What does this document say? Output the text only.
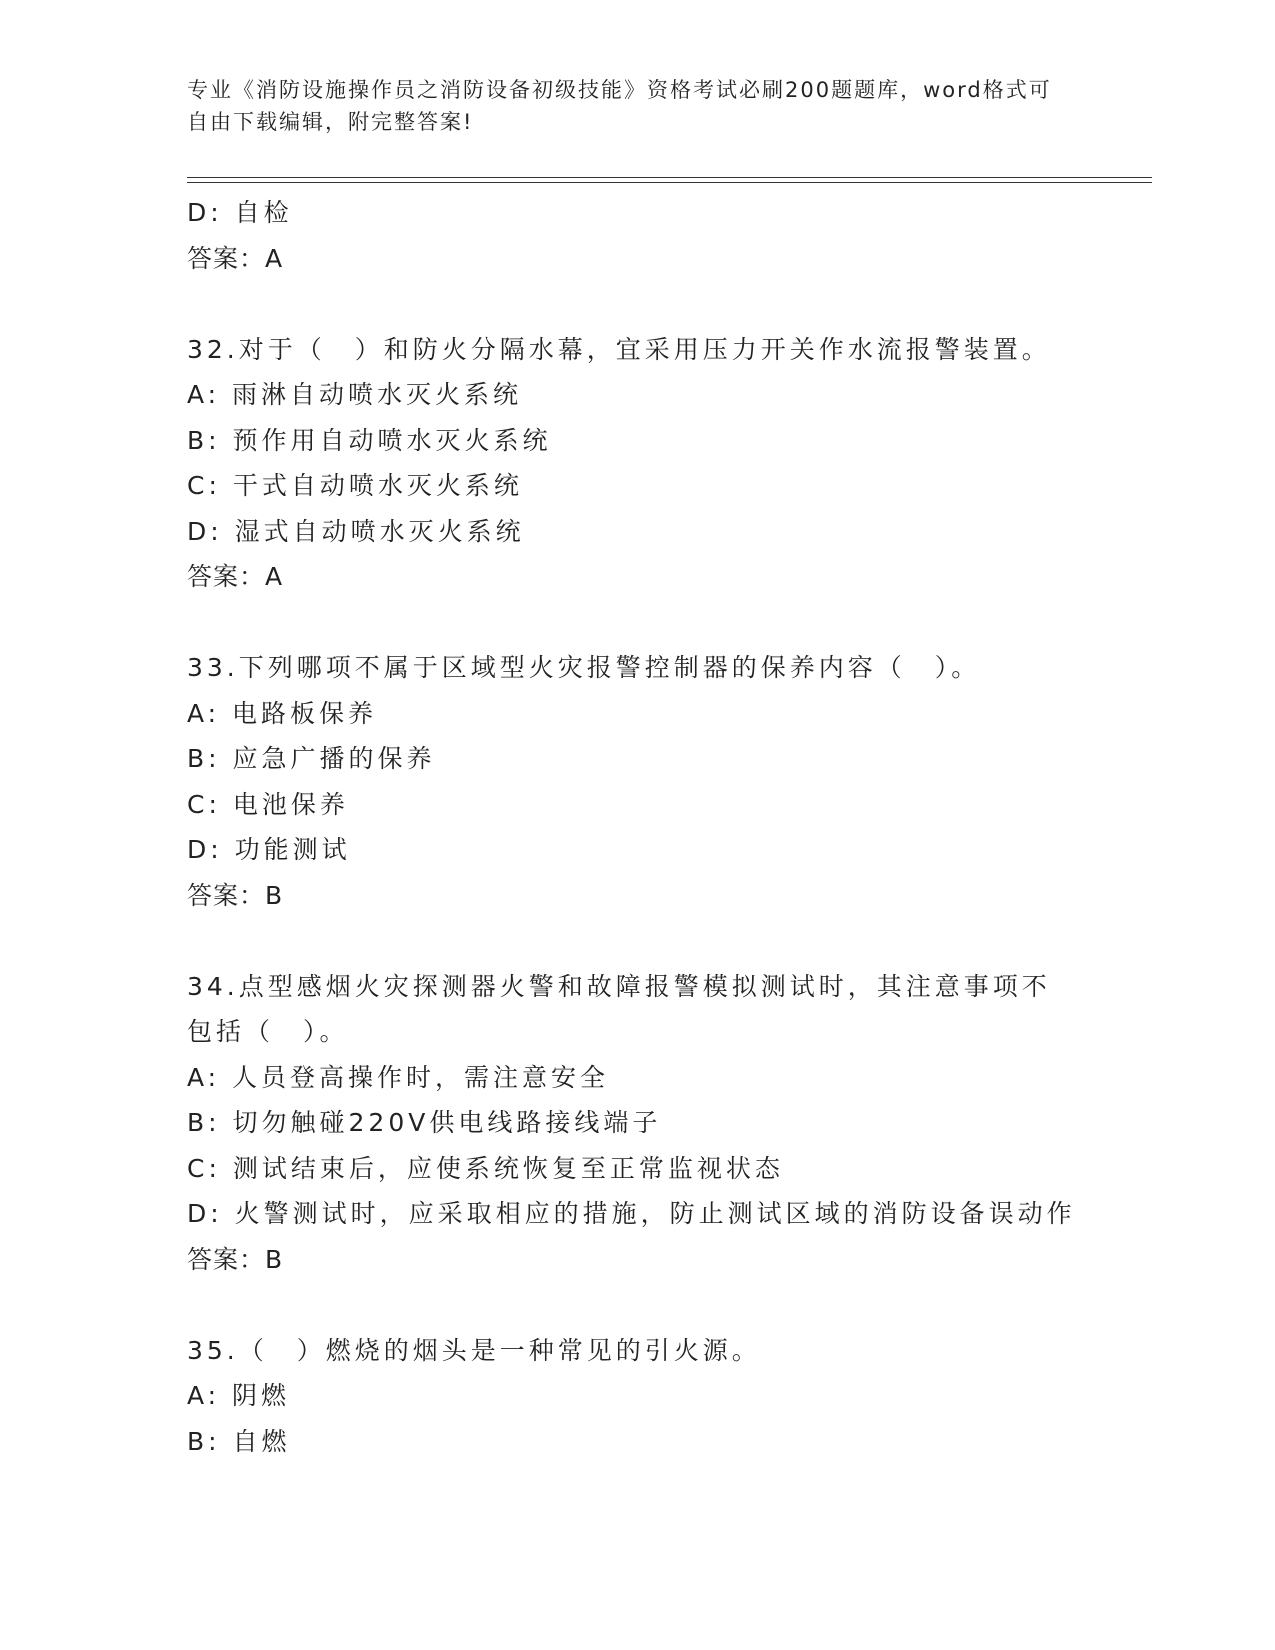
专业《消防设施操作员之消防设备初级技能》资格考试必刷200题题库，word格式可自由下载编辑，附完整答案!
D: 自检
答案：A
32.对于（　）和防火分隔水幕，宜采用压力开关作水流报警装置。
A: 雨淋自动喷水灭火系统
B: 预作用自动喷水灭火系统
C: 干式自动喷水灭火系统
D: 湿式自动喷水灭火系统
答案：A
33.下列哪项不属于区域型火灾报警控制器的保养内容（　）。
A: 电路板保养
B: 应急广播的保养
C: 电池保养
D: 功能测试
答案：B
34.点型感烟火灾探测器火警和故障报警模拟测试时，其注意事项不包括（　）。
A: 人员登高操作时，需注意安全
B: 切勿触碰220V供电线路接线端子
C: 测试结束后，应使系统恢复至正常监视状态
D: 火警测试时，应采取相应的措施，防止测试区域的消防设备误动作
答案：B
35.（　）燃烧的烟头是一种常见的引火源。
A: 阴燃
B: 自燃
